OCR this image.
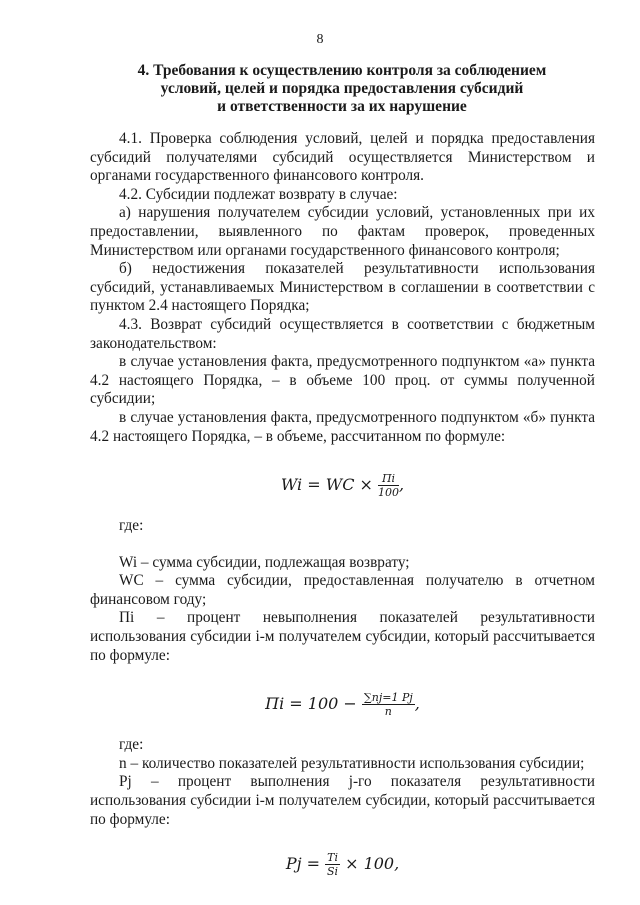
8
4. Требования к осуществлению контроля за соблюдением
условий, целей и порядка предоставления субсидий
и ответственности за их нарушение

4.1. Проверка соблюдения условий, целей и порядка предоставления субсидий получателями субсидий осуществляется Министерством и органами государственного финансового контроля.

4.2. Субсидии подлежат возврату в случае:

а) нарушения получателем субсидии условий, установленных при их предоставлении, выявленного по фактам проверок, проведенных Министерством или органами государственного финансового контроля;

б) недостижения показателей результативности использования субсидий, устанавливаемых Министерством в соглашении в соответствии с пунктом 2.4 настоящего Порядка;

4.3. Возврат субсидий осуществляется в соответствии с бюджетным законодательством:

в случае установления факта, предусмотренного подпунктом «а» пункта 4.2 настоящего Порядка, – в объеме 100 проц. от суммы полученной субсидии;

в случае установления факта, предусмотренного подпунктом «б» пункта 4.2 настоящего Порядка, – в объеме, рассчитанном по формуле:

Wi = WC × $\frac{Пi}{100}$ ,

где:

Wi – сумма субсидии, подлежащая возврату;

WC – сумма субсидии, предоставленная получателю в отчетном финансовом году;

Пi – процент невыполнения показателей результативности использования субсидии i-м получателем субсидии, который рассчитывается по формуле:

Пi = $100 - \frac{\sum nj=1 Pj}{n}$ ,

где:

n – количество показателей результативности использования субсидии;

Pj – процент выполнения j-го показателя результативности использования субсидии i-м получателем субсидии, который рассчитывается по формуле:

$Pj = \frac{Ti}{Si} \times 100$,
